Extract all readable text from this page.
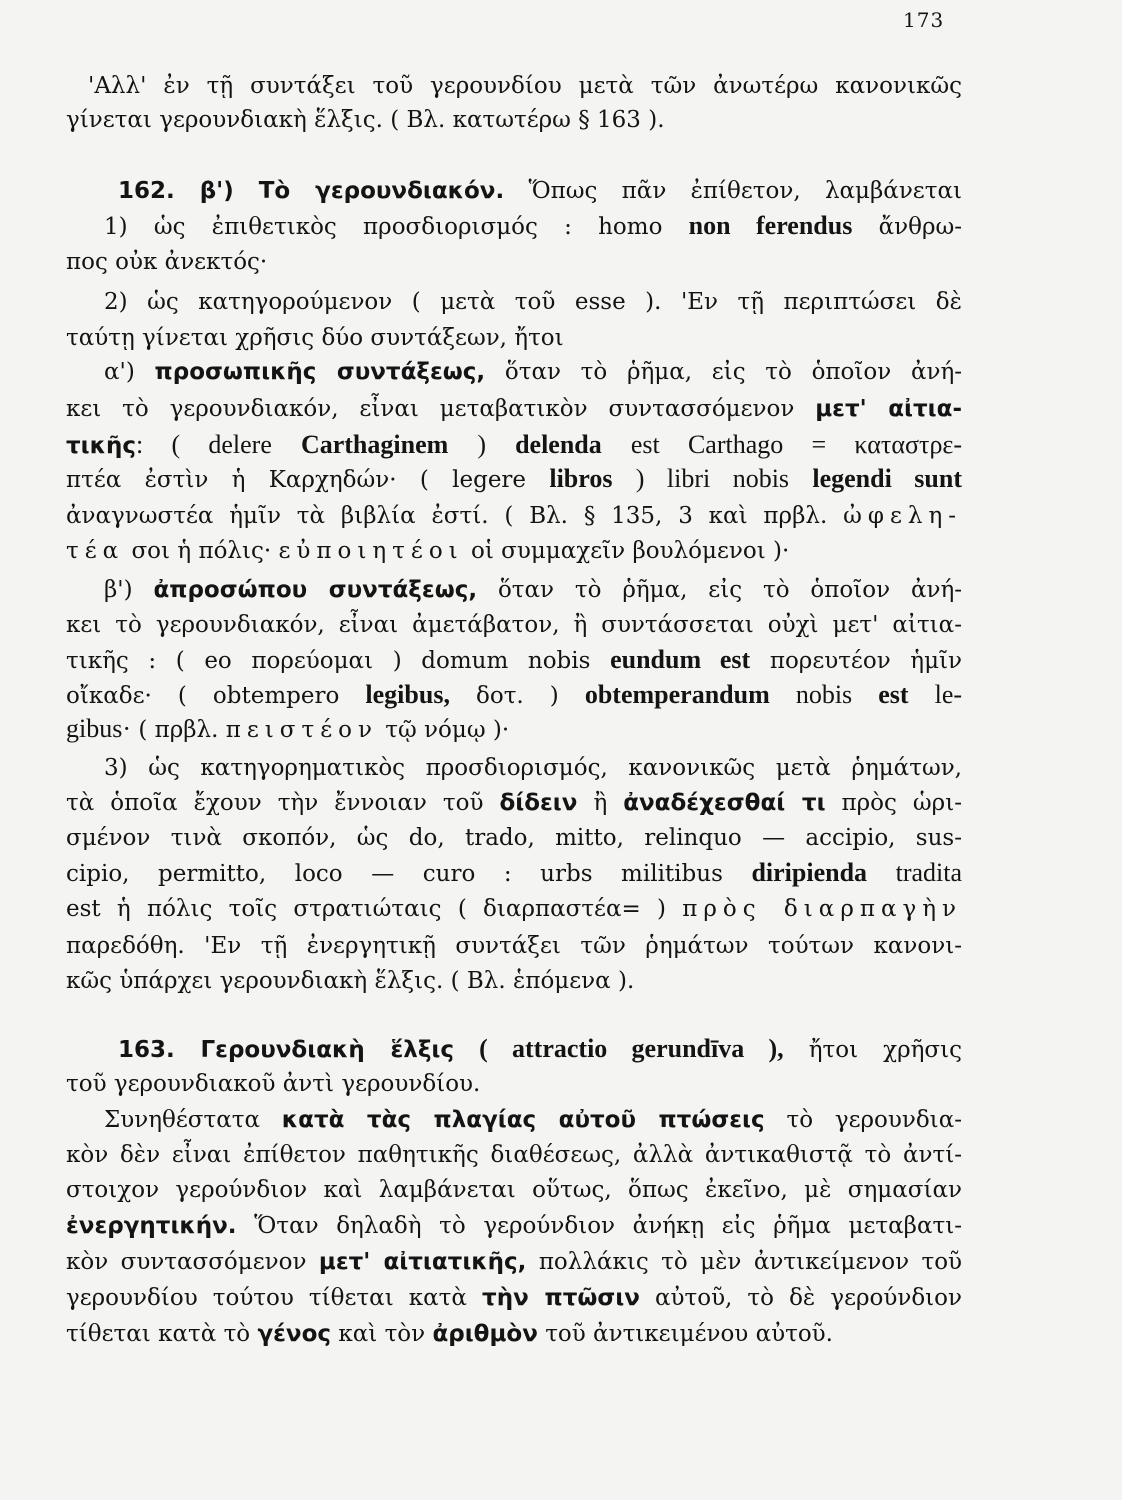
173
'Αλλ' ἐν τῇ συντάξει τοῦ γερουνδίου μετὰ τῶν ἀνωτέρω κανονικῶς
γίνεται γερουνδιακὴ ἕλξις. ( Βλ. κατωτέρω § 163 ).
162. β') Τὸ γερουνδιακόν. Ὅπως πᾶν ἐπίθετον, λαμβάνεται
1) ὡς ἐπιθετικὸς προσδιορισμός : homo non ferendus ἄνθρω-
πος οὐκ ἀνεκτός·
2) ὡς κατηγορούμενον ( μετὰ τοῦ esse ). 'Εν τῇ περιπτώσει δὲ
ταύτῃ γίνεται χρῆσις δύο συντάξεων, ἤτοι
α') προσωπικῆς συντάξεως, ὅταν τὸ ῥῆμα, εἰς τὸ ὁποῖον ἀνή-
κει τὸ γερουνδιακόν, εἶναι μεταβατικὸν συντασσόμενον μετ' αἰτια-
τικῆς: ( delere Carthaginem ) delenda est Carthago = καταστρε-
πτέα ἐστὶν ἡ Καρχηδών· ( legere libros ) libri nobis legendi sunt
ἀναγνωστέα ἡμῖν τὰ βιβλία ἐστί. ( Βλ. § 135, 3 καὶ πρβλ. ὠφελη-
τέα σοι ἡ πόλις· εὐποιητέοι οἱ συμμαχεῖν βουλόμενοι )·
β') ἀπροσώπου συντάξεως, ὅταν τὸ ῥῆμα, εἰς τὸ ὁποῖον ἀνή-
κει τὸ γερουνδιακόν, εἶναι ἀμετάβατον, ἢ συντάσσεται οὐχὶ μετ' αἰτια-
τικῆς : ( eo πορεύομαι ) domum nobis eundum est πορευτέον ἡμῖν
οἴκαδε· ( obtempero legibus, δοτ. ) obtemperandum nobis est le-
gibus· ( πρβλ. πειστέον τῷ νόμῳ )·
3) ὡς κατηγορηματικὸς προσδιορισμός, κανονικῶς μετὰ ῥημάτων,
τὰ ὁποῖα ἔχουν τὴν ἔννοιαν τοῦ δίδειν ἢ ἀναδέχεσθαί τι πρὸς ὡρι-
σμένον τινὰ σκοπόν, ὡς do, trado, mitto, relinquo — accipio, sus-
cipio, permitto, loco — curo : urbs militibus diripienda tradita
est ἡ πόλις τοῖς στρατιώταις ( διαρπαστέα= ) πρὸς διαρπαγὴν
παρεδόθη. 'Εν τῇ ἐνεργητικῇ συντάξει τῶν ῥημάτων τούτων κανονι-
κῶς ὑπάρχει γερουνδιακὴ ἕλξις. ( Βλ. ἑπόμενα ).
163. Γερουνδιακὴ ἕλξις ( attractio gerundīva ), ἤτοι χρῆσις
τοῦ γερουνδιακοῦ ἀντὶ γερουνδίου.
Συνηθέστατα κατὰ τὰς πλαγίας αὐτοῦ πτώσεις τὸ γερουνδια-
κὸν δὲν εἶναι ἐπίθετον παθητικῆς διαθέσεως, ἀλλὰ ἀντικαθιστᾷ τὸ ἀντί-
στοιχον γερούνδιον καὶ λαμβάνεται οὕτως, ὅπως ἐκεῖνο, μὲ σημασίαν
ἐνεργητικήν. Ὅταν δηλαδὴ τὸ γερούνδιον ἀνήκῃ εἰς ῥῆμα μεταβατι-
κὸν συντασσόμενον μετ' αἰτιατικῆς, πολλάκις τὸ μὲν ἀντικείμενον τοῦ
γερουνδίου τούτου τίθεται κατὰ τὴν πτῶσιν αὐτοῦ, τὸ δὲ γερούνδιον
τίθεται κατὰ τὸ γένος καὶ τὸν ἀριθμὸν τοῦ ἀντικειμένου αὐτοῦ.
